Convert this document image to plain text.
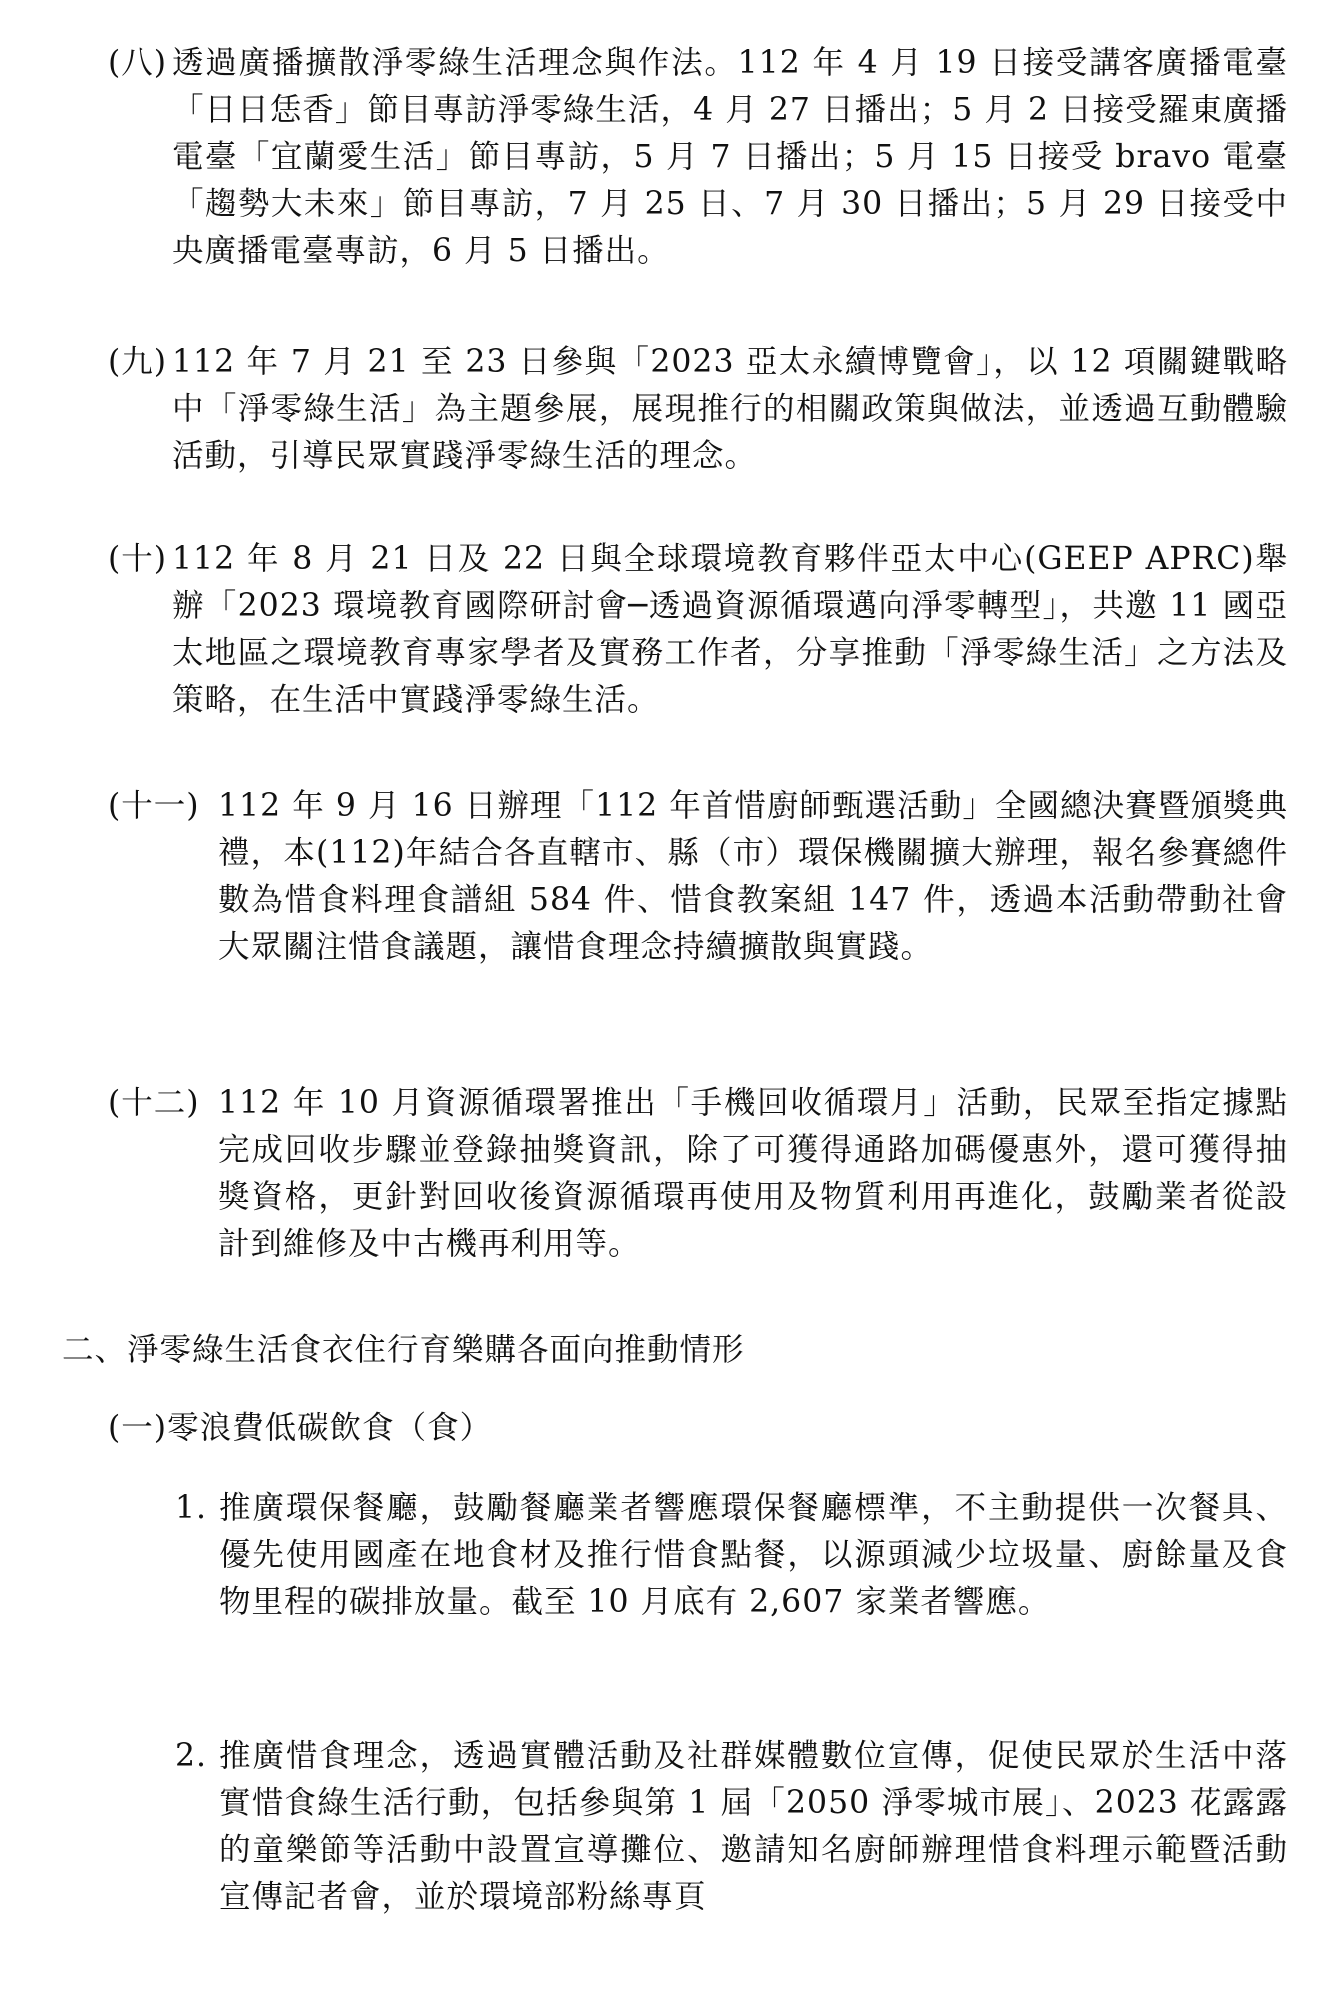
(八) 透過廣播擴散淨零綠生活理念與作法。112 年 4 月 19 日接受講客廣播電臺「日日恁香」節目專訪淨零綠生活，4 月 27 日播出；5 月 2 日接受羅東廣播電臺「宜蘭愛生活」節目專訪，5 月 7 日播出；5 月 15 日接受 bravo 電臺「趨勢大未來」節目專訪，7 月 25 日、7 月 30 日播出；5 月 29 日接受中央廣播電臺專訪，6 月 5 日播出。
(九) 112 年 7 月 21 至 23 日參與「2023 亞太永續博覽會」，以 12 項關鍵戰略中「淨零綠生活」為主題參展，展現推行的相關政策與做法，並透過互動體驗活動，引導民眾實踐淨零綠生活的理念。
(十) 112 年 8 月 21 日及 22 日與全球環境教育夥伴亞太中心(GEEP APRC)舉辦「2023 環境教育國際研討會─透過資源循環邁向淨零轉型」，共邀 11 國亞太地區之環境教育專家學者及實務工作者，分享推動「淨零綠生活」之方法及策略，在生活中實踐淨零綠生活。
(十一) 112 年 9 月 16 日辦理「112 年首惜廚師甄選活動」全國總決賽暨頒獎典禮，本(112)年結合各直轄市、縣（市）環保機關擴大辦理，報名參賽總件數為惜食料理食譜組 584 件、惜食教案組 147 件，透過本活動帶動社會大眾關注惜食議題，讓惜食理念持續擴散與實踐。
(十二) 112 年 10 月資源循環署推出「手機回收循環月」活動，民眾至指定據點完成回收步驟並登錄抽獎資訊，除了可獲得通路加碼優惠外，還可獲得抽獎資格，更針對回收後資源循環再使用及物質利用再進化，鼓勵業者從設計到維修及中古機再利用等。
二、淨零綠生活食衣住行育樂購各面向推動情形
(一)零浪費低碳飲食（食）
1. 推廣環保餐廳，鼓勵餐廳業者響應環保餐廳標準，不主動提供一次餐具、優先使用國產在地食材及推行惜食點餐，以源頭減少垃圾量、廚餘量及食物里程的碳排放量。截至 10 月底有 2,607 家業者響應。
2. 推廣惜食理念，透過實體活動及社群媒體數位宣傳，促使民眾於生活中落實惜食綠生活行動，包括參與第 1 屆「2050 淨零城市展」、2023 花露露的童樂節等活動中設置宣導攤位、邀請知名廚師辦理惜食料理示範暨活動宣傳記者會，並於環境部粉絲專頁
